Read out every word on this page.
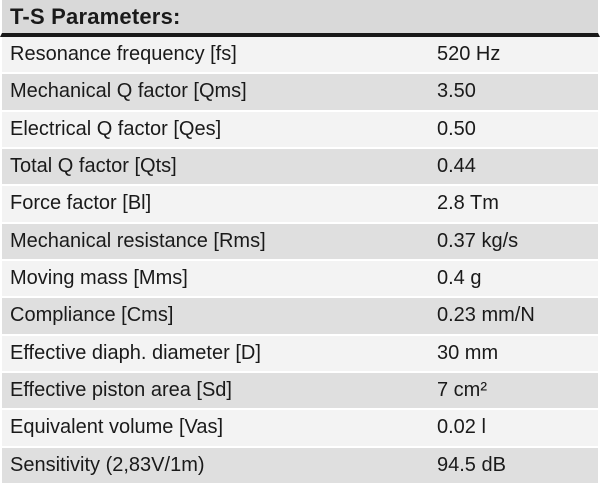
T-S Parameters:
Resonance frequency [fs]	520 Hz
Mechanical Q factor [Qms]	3.50
Electrical Q factor [Qes]	0.50
Total Q factor [Qts]	0.44
Force factor [Bl]	2.8 Tm
Mechanical resistance [Rms]	0.37 kg/s
Moving mass [Mms]	0.4 g
Compliance [Cms]	0.23 mm/N
Effective diaph. diameter [D]	30 mm
Effective piston area [Sd]	7 cm²
Equivalent volume [Vas]	0.02 l
Sensitivity (2,83V/1m)	94.5 dB
